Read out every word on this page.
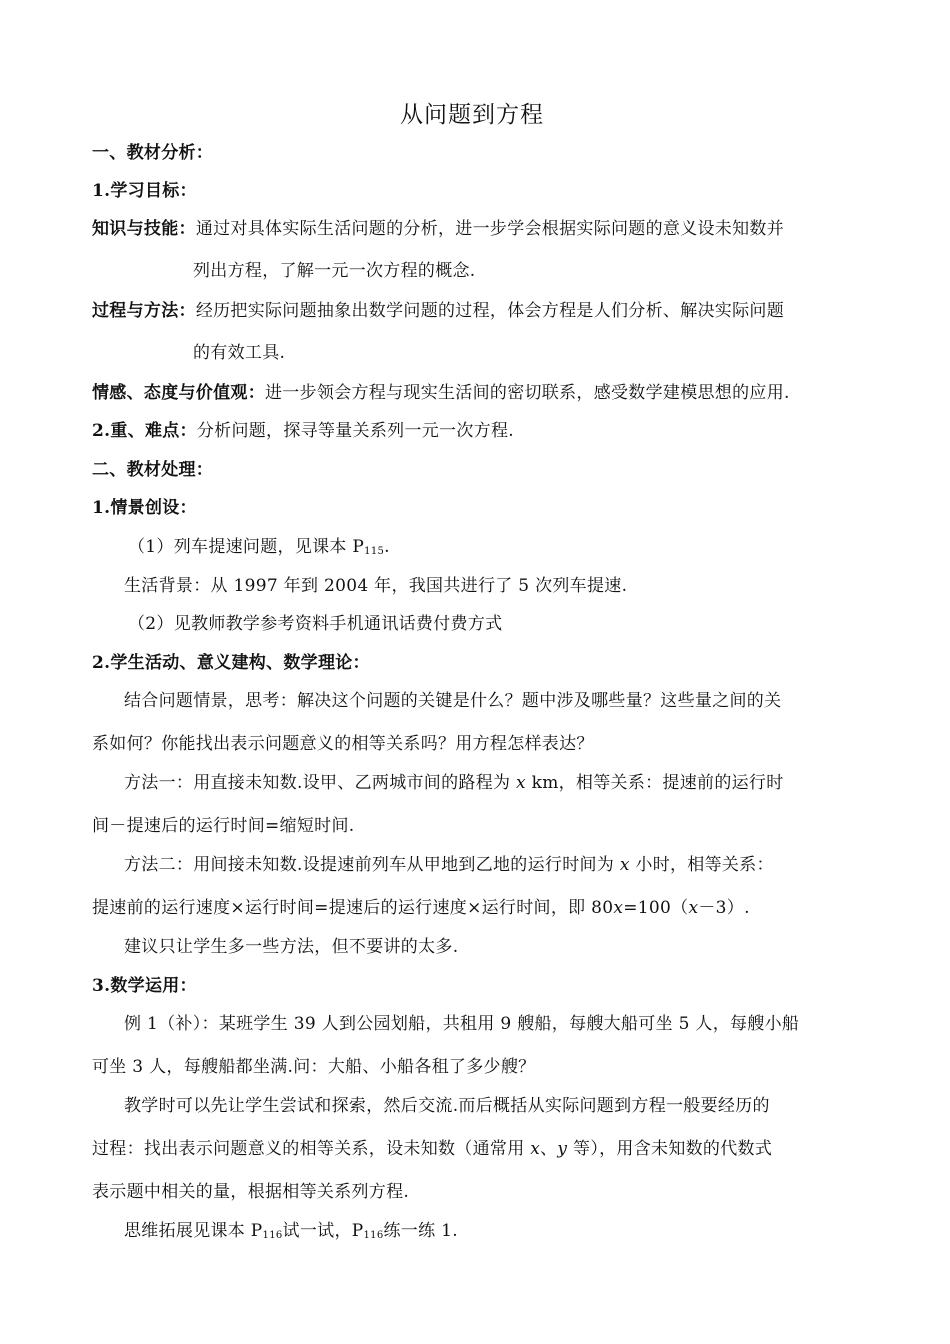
从问题到方程
一、教材分析：
1.学习目标：
知识与技能：通过对具体实际生活问题的分析，进一步学会根据实际问题的意义设未知数并
列出方程，了解一元一次方程的概念.
过程与方法：经历把实际问题抽象出数学问题的过程，体会方程是人们分析、解决实际问题
的有效工具.
情感、态度与价值观：进一步领会方程与现实生活间的密切联系，感受数学建模思想的应用.
2.重、难点：分析问题，探寻等量关系列一元一次方程.
二、教材处理：
1.情景创设：
（1）列车提速问题，见课本 $P_{115}$.
生活背景：从 1997 年到 2004 年，我国共进行了 5 次列车提速.
（2）见教师教学参考资料手机通讯话费付费方式
2.学生活动、意义建构、数学理论：
结合问题情景，思考：解决这个问题的关键是什么？题中涉及哪些量？这些量之间的关
系如何？你能找出表示问题意义的相等关系吗？用方程怎样表达？
方法一：用直接未知数.设甲、乙两城市间的路程为 x km，相等关系：提速前的运行时
间－提速后的运行时间=缩短时间.
方法二：用间接未知数.设提速前列车从甲地到乙地的运行时间为 x 小时，相等关系：
提速前的运行速度×运行时间=提速后的运行速度×运行时间，即 80x=100（x－3）.
建议只让学生多一些方法，但不要讲的太多.
3.数学运用：
例 1（补）：某班学生 39 人到公园划船，共租用 9 艘船，每艘大船可坐 5 人，每艘小船
可坐 3 人，每艘船都坐满.问：大船、小船各租了多少艘？
教学时可以先让学生尝试和探索，然后交流.而后概括从实际问题到方程一般要经历的
过程：找出表示问题意义的相等关系，设未知数（通常用 x、y 等），用含未知数的代数式
表示题中相关的量，根据相等关系列方程.
思维拓展见课本 $P_{116}$试一试，$P_{116}$练一练 1.
